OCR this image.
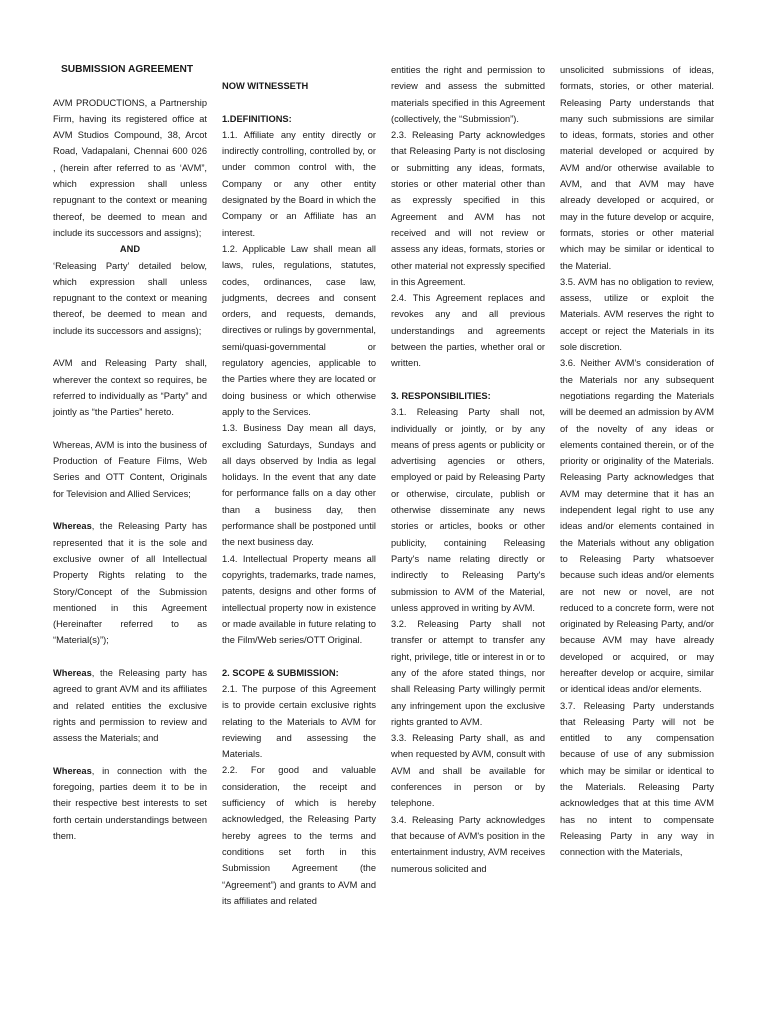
SUBMISSION AGREEMENT

AVM PRODUCTIONS, a Partnership Firm, having its registered office at AVM Studios Compound, 38, Arcot Road, Vadapalani, Chennai 600 026 , (herein after referred to as ‘AVM”, which expression shall unless repugnant to the context or meaning thereof, be deemed to mean and include its successors and assigns);

AND

‘Releasing Party’ detailed below, which expression shall unless repugnant to the context or meaning thereof, be deemed to mean and include its successors and assigns);

AVM and Releasing Party shall, wherever the context so requires, be referred to individually as “Party” and jointly as “the Parties” hereto.

Whereas, AVM is into the business of Production of Feature Films, Web Series and OTT Content, Originals for Television and Allied Services;

Whereas, the Releasing Party has represented that it is the sole and exclusive owner of all Intellectual Property Rights relating to the Story/Concept of the Submission mentioned in this Agreement (Hereinafter referred to as “Material(s)”);

Whereas, the Releasing party has agreed to grant AVM and its affiliates and related entities the exclusive rights and permission to review and assess the Materials; and

Whereas, in connection with the foregoing, parties deem it to be in their respective best interests to set forth certain understandings between them.

NOW WITNESSETH

1.DEFINITIONS:

1.1. Affiliate any entity directly or indirectly controlling, controlled by, or under common control with, the Company or any other entity designated by the Board in which the Company or an Affiliate has an interest.

1.2. Applicable Law shall mean all laws, rules, regulations, statutes, codes, ordinances, case law, judgments, decrees and consent orders, and requests, demands, directives or rulings by governmental, semi/quasi-governmental or regulatory agencies, applicable to the Parties where they are located or doing business or which otherwise apply to the Services.

1.3. Business Day mean all days, excluding Saturdays, Sundays and all days observed by India as legal holidays. In the event that any date for performance falls on a day other than a business day, then performance shall be postponed until the next business day.

1.4. Intellectual Property means all copyrights, trademarks, trade names, patents, designs and other forms of intellectual property now in existence or made available in future relating to the Film/Web series/OTT Original.

2. SCOPE & SUBMISSION:

2.1. The purpose of this Agreement is to provide certain exclusive rights relating to the Materials to AVM for reviewing and assessing the Materials.

2.2. For good and valuable consideration, the receipt and sufficiency of which is hereby acknowledged, the Releasing Party hereby agrees to the terms and conditions set forth in this Submission Agreement (the “Agreement”) and grants to AVM and its affiliates and related

entities the right and permission to review and assess the submitted materials specified in this Agreement (collectively, the “Submission”).

2.3. Releasing Party acknowledges that Releasing Party is not disclosing or submitting any ideas, formats, stories or other material other than as expressly specified in this Agreement and AVM has not received and will not review or assess any ideas, formats, stories or other material not expressly specified in this Agreement.

2.4. This Agreement replaces and revokes any and all previous understandings and agreements between the parties, whether oral or written.

3. RESPONSIBILITIES:

3.1. Releasing Party shall not, individually or jointly, or by any means of press agents or publicity or advertising agencies or others, employed or paid by Releasing Party or otherwise, circulate, publish or otherwise disseminate any news stories or articles, books or other publicity, containing Releasing Party's name relating directly or indirectly to Releasing Party's submission to AVM of the Material, unless approved in writing by AVM.

3.2. Releasing Party shall not transfer or attempt to transfer any right, privilege, title or interest in or to any of the afore stated things, nor shall Releasing Party willingly permit any infringement upon the exclusive rights granted to AVM.

3.3. Releasing Party shall, as and when requested by AVM, consult with AVM and shall be available for conferences in person or by telephone.

3.4. Releasing Party acknowledges that because of AVM's position in the entertainment industry, AVM receives numerous solicited and

unsolicited submissions of ideas, formats, stories, or other material. Releasing Party understands that many such submissions are similar to ideas, formats, stories and other material developed or acquired by AVM and/or otherwise available to AVM, and that AVM may have already developed or acquired, or may in the future develop or acquire, formats, stories or other material which may be similar or identical to the Material.

3.5. AVM has no obligation to review, assess, utilize or exploit the Materials. AVM reserves the right to accept or reject the Materials in its sole discretion.

3.6. Neither AVM’s consideration of the Materials nor any subsequent negotiations regarding the Materials will be deemed an admission by AVM of the novelty of any ideas or elements contained therein, or of the priority or originality of the Materials. Releasing Party acknowledges that AVM may determine that it has an independent legal right to use any ideas and/or elements contained in the Materials without any obligation to Releasing Party whatsoever because such ideas and/or elements are not new or novel, are not reduced to a concrete form, were not originated by Releasing Party, and/or because AVM may have already developed or acquired, or may hereafter develop or acquire, similar or identical ideas and/or elements.

3.7. Releasing Party understands that Releasing Party will not be entitled to any compensation because of use of any submission which may be similar or identical to the Materials. Releasing Party acknowledges that at this time AVM has no intent to compensate Releasing Party in any way in connection with the Materials,
